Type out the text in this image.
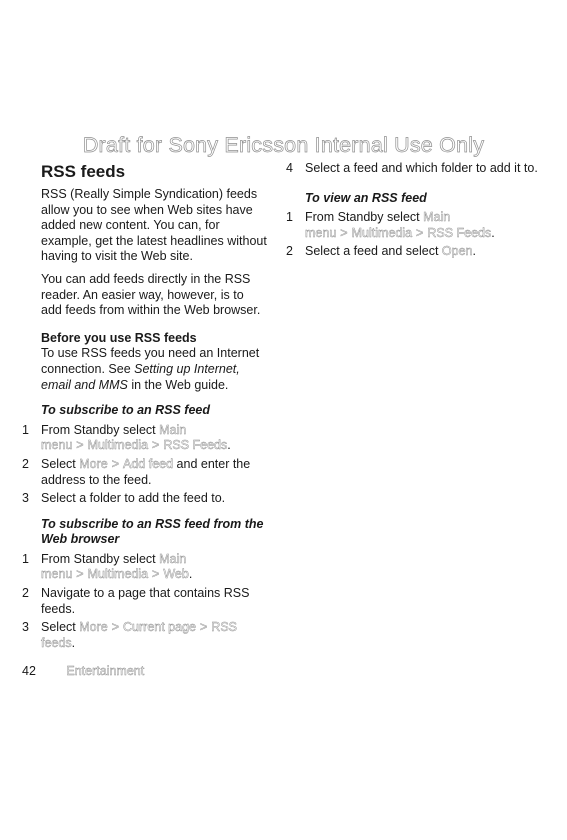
Draft for Sony Ericsson Internal Use Only
RSS feeds

RSS (Really Simple Syndication) feeds allow you to see when Web sites have added new content. You can, for example, get the latest headlines without having to visit the Web site.

You can add feeds directly in the RSS reader. An easier way, however, is to add feeds from within the Web browser.

Before you use RSS feeds

To use RSS feeds you need an Internet connection. See Setting up Internet, email and MMS in the Web guide.

To subscribe to an RSS feed
1 From Standby select Main menu > Multimedia > RSS Feeds.
2 Select More > Add feed and enter the address to the feed.
3 Select a folder to add the feed to.
To subscribe to an RSS feed from the Web browser
1 From Standby select Main menu > Multimedia > Web.
2 Navigate to a page that contains RSS feeds.
3 Select More > Current page > RSS feeds.
4 Select a feed and which folder to add it to.
To view an RSS feed
1 From Standby select Main menu > Multimedia > RSS Feeds.
2 Select a feed and select Open.
42 Entertainment
